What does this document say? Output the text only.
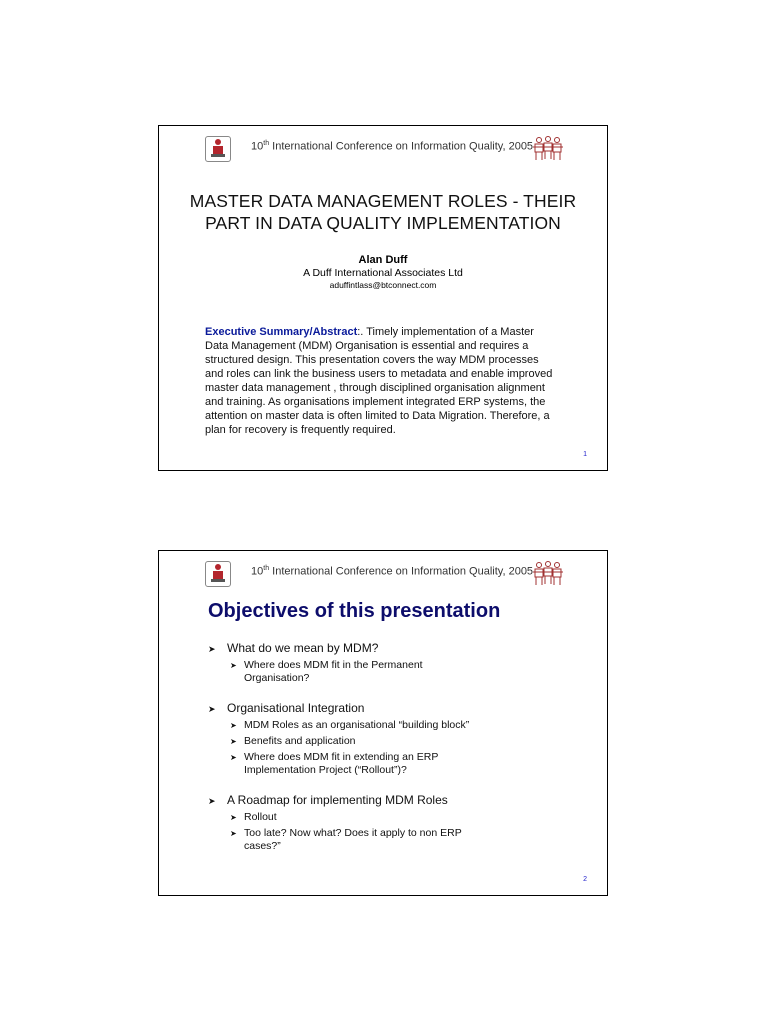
10th International Conference on Information Quality, 2005
MASTER DATA MANAGEMENT ROLES - THEIR
PART IN DATA QUALITY IMPLEMENTATION
Alan Duff
A Duff International Associates Ltd
aduffintlass@btconnect.com
Executive Summary/Abstract:. Timely implementation of a Master Data Management (MDM) Organisation is essential and requires a structured design. This presentation covers the way MDM processes and roles can link the business users to metadata and enable improved master data management , through disciplined organisation alignment and training. As organisations implement integrated ERP systems, the attention on master data is often limited to Data Migration. Therefore, a plan for recovery is frequently required.
1
10th International Conference on Information Quality, 2005
Objectives of this presentation
➤ What do we mean by MDM?
➤ Where does MDM fit in the Permanent
Organisation?
➤ Organisational Integration
➤ MDM Roles as an organisational “building block”
➤ Benefits and application
➤ Where does MDM fit in extending an ERP
Implementation Project (“Rollout”)?
➤ A Roadmap for implementing MDM Roles
➤ Rollout
➤ Too late? Now what? Does it apply to non ERP
cases?”
2
